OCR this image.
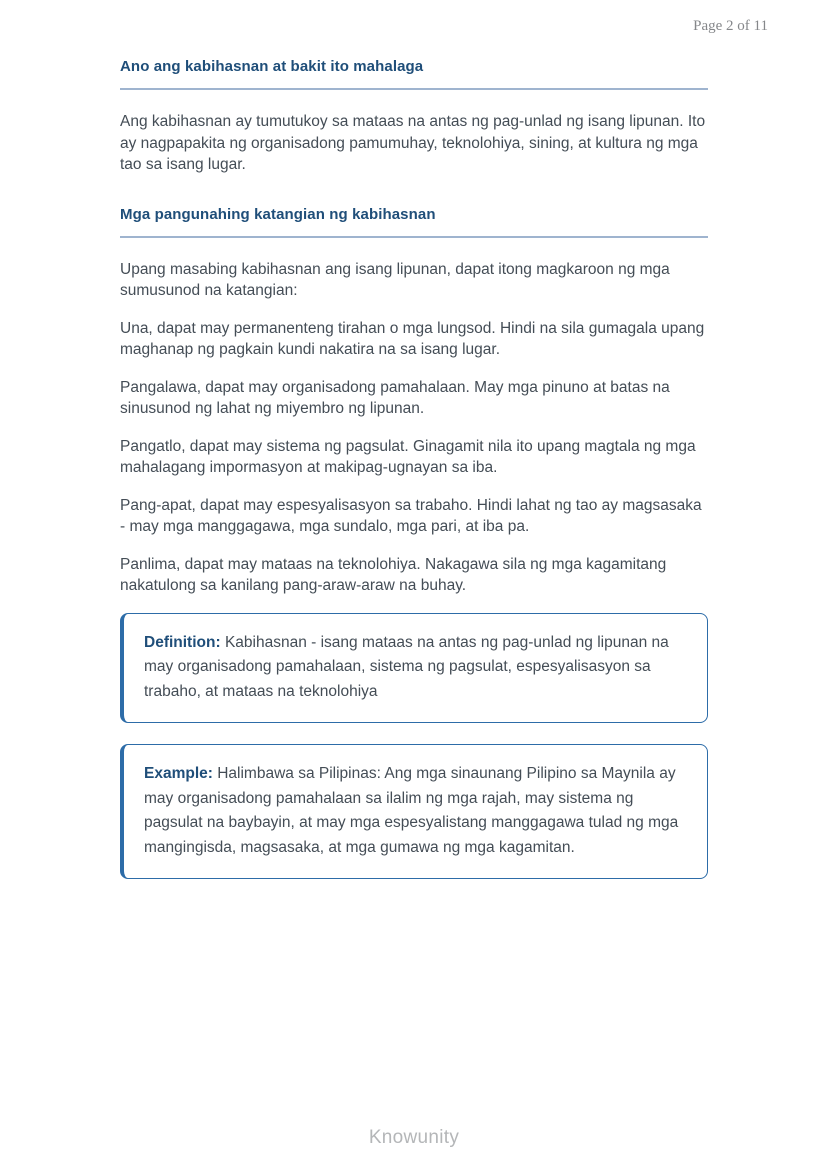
Page 2 of 11
Ano ang kabihasnan at bakit ito mahalaga

Ang kabihasnan ay tumutukoy sa mataas na antas ng pag-unlad ng isang lipunan. Ito ay nagpapakita ng organisadong pamumuhay, teknolohiya, sining, at kultura ng mga tao sa isang lugar.

Mga pangunahing katangian ng kabihasnan

Upang masabing kabihasnan ang isang lipunan, dapat itong magkaroon ng mga sumusunod na katangian:

Una, dapat may permanenteng tirahan o mga lungsod. Hindi na sila gumagala upang maghanap ng pagkain kundi nakatira na sa isang lugar.

Pangalawa, dapat may organisadong pamahalaan. May mga pinuno at batas na sinusunod ng lahat ng miyembro ng lipunan.

Pangatlo, dapat may sistema ng pagsulat. Ginagamit nila ito upang magtala ng mga mahalagang impormasyon at makipag-ugnayan sa iba.

Pang-apat, dapat may espesyalisasyon sa trabaho. Hindi lahat ng tao ay magsasaka - may mga manggagawa, mga sundalo, mga pari, at iba pa.

Panlima, dapat may mataas na teknolohiya. Nakagawa sila ng mga kagamitang nakatulong sa kanilang pang-araw-araw na buhay.

Definition: Kabihasnan - isang mataas na antas ng pag-unlad ng lipunan na may organisadong pamahalaan, sistema ng pagsulat, espesyalisasyon sa trabaho, at mataas na teknolohiya

Example: Halimbawa sa Pilipinas: Ang mga sinaunang Pilipino sa Maynila ay may organisadong pamahalaan sa ilalim ng mga rajah, may sistema ng pagsulat na baybayin, at may mga espesyalistang manggagawa tulad ng mga mangingisda, magsasaka, at mga gumawa ng mga kagamitan.

Knowunity
